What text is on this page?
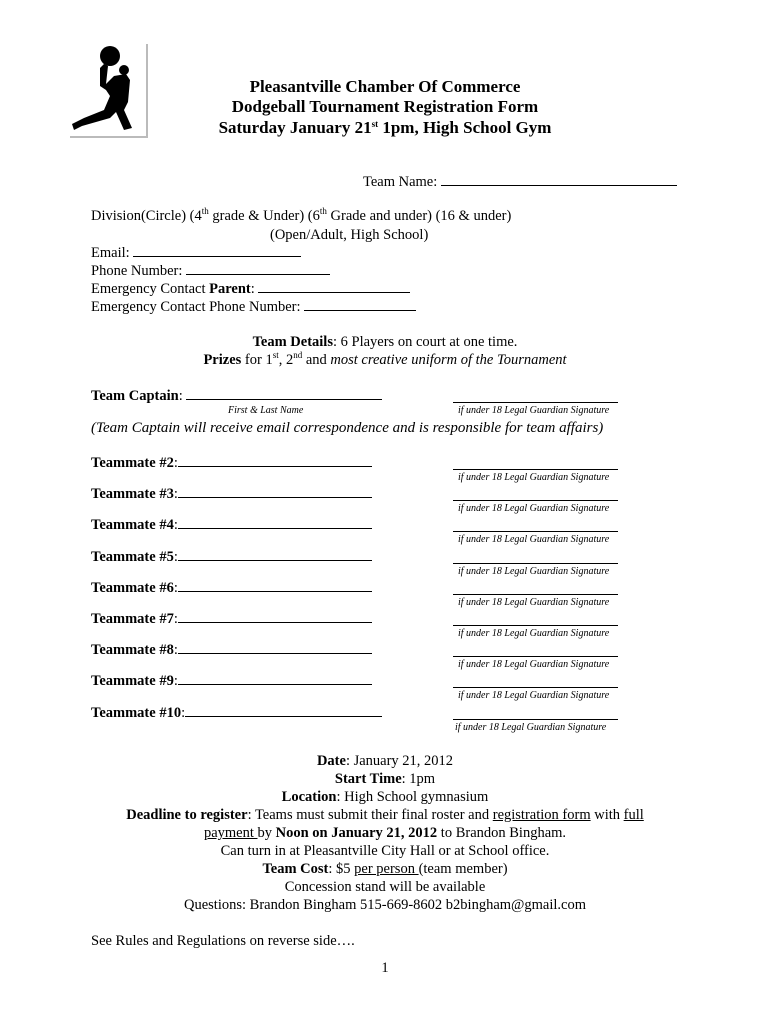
Pleasantville Chamber Of Commerce
Dodgeball Tournament Registration Form
Saturday January 21st 1pm, High School Gym
Team Name:
Division(Circle) (4th grade & Under) (6th Grade and under) (16 & under)
(Open/Adult, High School)
Email:
Phone Number:
Emergency Contact Parent:
Emergency Contact Phone Number:
Team Details: 6 Players on court at one time.
Prizes for 1st, 2nd and most creative uniform of the Tournament
Team Captain:
First & Last Name	if under 18 Legal Guardian Signature
(Team Captain will receive email correspondence and is responsible for team affairs)
Teammate #2:
if under 18 Legal Guardian Signature
Teammate #3:
if under 18 Legal Guardian Signature
Teammate #4:
if under 18 Legal Guardian Signature
Teammate #5:
if under 18 Legal Guardian Signature
Teammate #6:
if under 18 Legal Guardian Signature
Teammate #7:
if under 18 Legal Guardian Signature
Teammate #8:
if under 18 Legal Guardian Signature
Teammate #9:
if under 18 Legal Guardian Signature
Teammate #10:
if under 18 Legal Guardian Signature
Date: January 21, 2012
Start Time: 1pm
Location: High School gymnasium
Deadline to register: Teams must submit their final roster and registration form with full
payment by Noon on January 21, 2012 to Brandon Bingham.
Can turn in at Pleasantville City Hall or at School office.
Team Cost: $5 per person (team member)
Concession stand will be available
Questions: Brandon Bingham 515-669-8602 b2bingham@gmail.com
See Rules and Regulations on reverse side….
1
